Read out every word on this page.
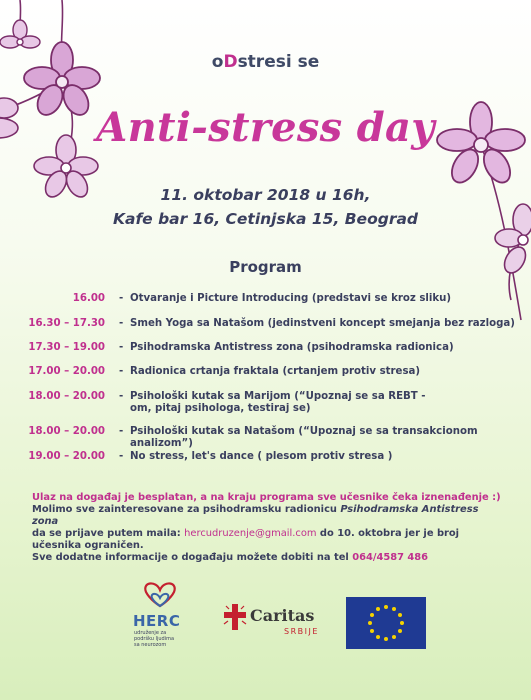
oDstresi se
Anti-stress day
11. oktobar 2018 u 16h,
Kafe bar 16, Cetinjska 15, Beograd
Program
16.00 - Otvaranje i Picture Introducing (predstavi se kroz sliku)
16.30 – 17.30 - Smeh Yoga sa Natašom (jedinstveni koncept smejanja bez razloga)
17.30 – 19.00 - Psihodramska Antistress zona (psihodramska radionica)
17.00 – 20.00 - Radionica crtanja fraktala (crtanjem protiv stresa)
18.00 – 20.00 - Psihološki kutak sa Marijom (“Upoznaj se sa REBT - om, pitaj psihologa, testiraj se)
18.00 – 20.00 - Psihološki kutak sa Natašom (“Upoznaj se sa transakcionom analizom”)
19.00 – 20.00 - No stress, let's dance ( plesom protiv stresa )
Ulaz na događaj je besplatan, a na kraju programa sve učesnike čeka iznenađenje :)
Molimo sve zainteresovane za psihodramsku radionicu Psihodramska Antistress zona
da se prijave putem maila: hercudruzenje@gmail.com do 10. oktobra jer je broj učesnika ograničen.
Sve dodatne informacije o događaju možete dobiti na tel 064/4587 486
HERC
udruženje za podršku ljudima sa neurozom
Caritas
SRBIJE
